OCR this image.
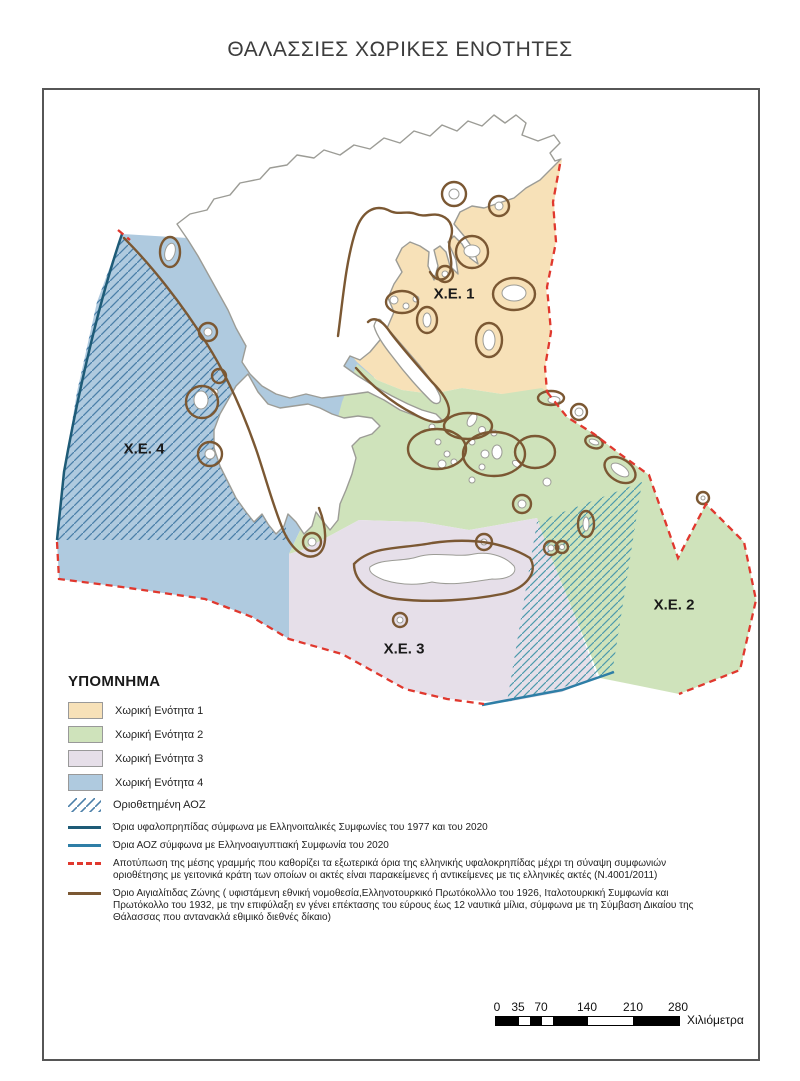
ΘΑΛΑΣΣΙΕΣ ΧΩΡΙΚΕΣ ΕΝΟΤΗΤΕΣ
Χ.Ε. 1
Χ.Ε. 2
Χ.Ε. 3
Χ.Ε. 4
ΥΠΟΜΝΗΜΑ
Χωρική Ενότητα 1
Χωρική Ενότητα 2
Χωρική Ενότητα 3
Χωρική Ενότητα 4
Οριοθετημένη ΑΟΖ
Όρια υφαλοπρηπίδας σύμφωνα με Ελληνοιταλικές Συμφωνίες του 1977 και του 2020
Όρια ΑΟΖ σύμφωνα με Ελληνοαιγυπτιακή Συμφωνία του 2020
Αποτύπωση της μέσης γραμμής που καθορίζει τα εξωτερικά όρια της ελληνικής υφαλοκρηπίδας μέχρι τη σύναψη συμφωνιών οριοθέτησης με γειτονικά κράτη των οποίων οι ακτές είναι παρακείμενες ή αντικείμενες με τις ελληνικές ακτές (Ν.4001/2011)
Όριο Αιγιαλίτιδας Ζώνης ( υφιστάμενη εθνική νομοθεσία,Ελληνοτουρκικό Πρωτόκολλλο του 1926, Ιταλοτουρκική Συμφωνία και Πρωτόκολλο του 1932, με την επιφύλαξη εν γένει επέκτασης του εύρους έως 12 ναυτικά μίλια, σύμφωνα με τη Σύμβαση Δικαίου της Θάλασσας που αντανακλά εθιμικό διεθνές δίκαιο)
0 35 70 140 210 280
Χιλιόμετρα
